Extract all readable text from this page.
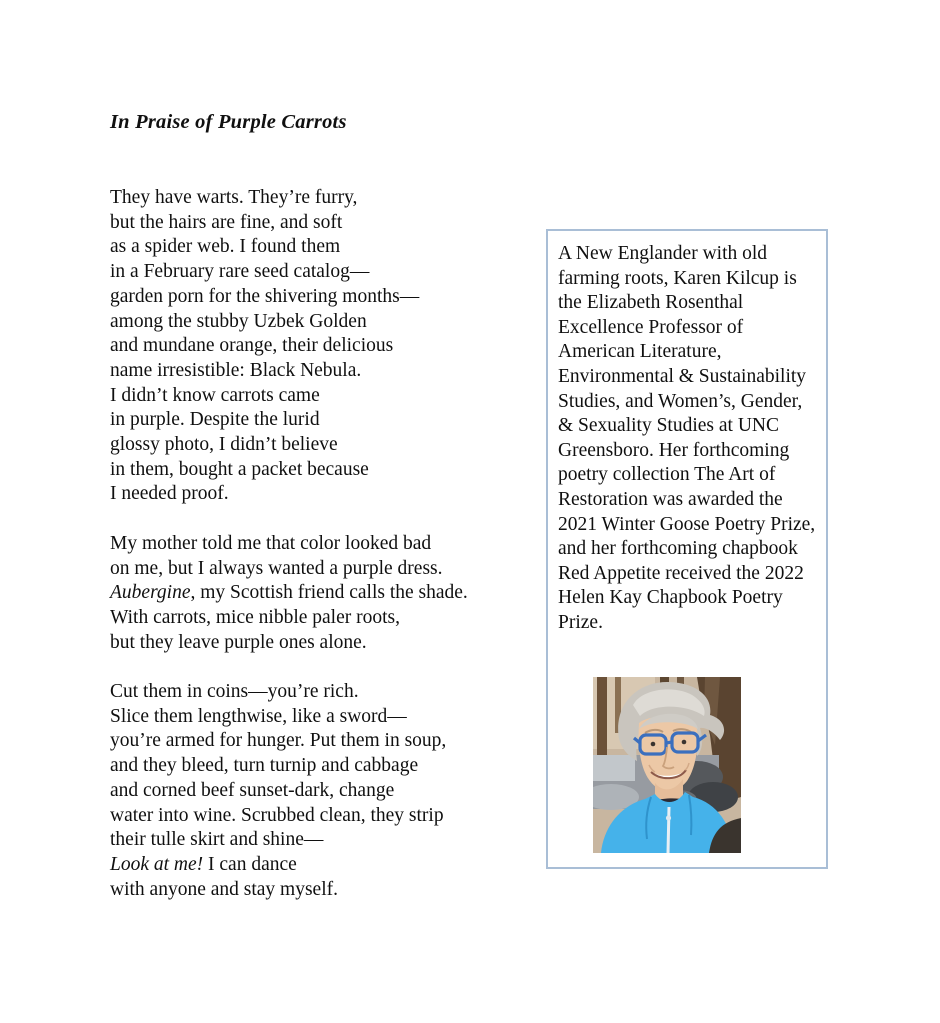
In Praise of Purple Carrots
They have warts. They’re furry,
but the hairs are fine, and soft
as a spider web. I found them
in a February rare seed catalog—
garden porn for the shivering months—
among the stubby Uzbek Golden
and mundane orange, their delicious
name irresistible: Black Nebula.
I didn’t know carrots came
in purple. Despite the lurid
glossy photo, I didn’t believe
in them, bought a packet because
I needed proof.
My mother told me that color looked bad
on me, but I always wanted a purple dress.
Aubergine, my Scottish friend calls the shade.
With carrots, mice nibble paler roots,
but they leave purple ones alone.
Cut them in coins—you’re rich.
Slice them lengthwise, like a sword—
you’re armed for hunger. Put them in soup,
and they bleed, turn turnip and cabbage
and corned beef sunset-dark, change
water into wine. Scrubbed clean, they strip
their tulle skirt and shine—
Look at me! I can dance
with anyone and stay myself.

A New Englander with old farming roots, Karen Kilcup is the Elizabeth Rosenthal Excellence Professor of American Literature, Environmental & Sustainability Studies, and Women’s, Gender, & Sexuality Studies at UNC Greensboro. Her forthcoming poetry collection The Art of Restoration was awarded the 2021 Winter Goose Poetry Prize, and her forthcoming chapbook Red Appetite received the 2022 Helen Kay Chapbook Poetry Prize.
